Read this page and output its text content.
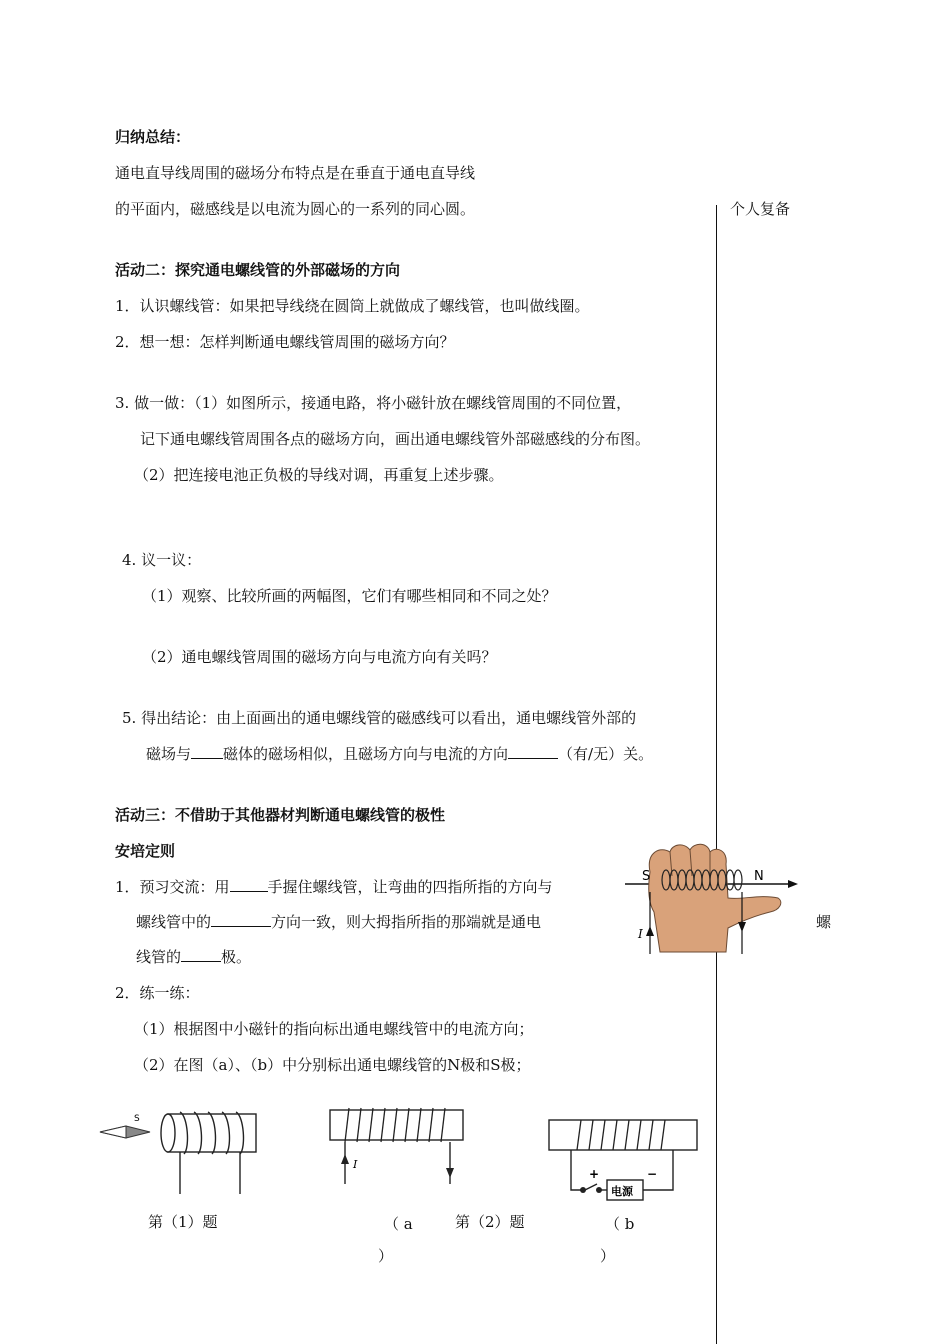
归纳总结：
通电直导线周围的磁场分布特点是在垂直于通电直导线
的平面内，磁感线是以电流为圆心的一系列的同心圆。	个人复备
螺
活动二：探究通电螺线管的外部磁场的方向
1．认识螺线管：如果把导线绕在圆筒上就做成了螺线管，也叫做线圈。
2．想一想：怎样判断通电螺线管周围的磁场方向？
3. 做一做：（1）如图所示，接通电路，将小磁针放在螺线管周围的不同位置，
记下通电螺线管周围各点的磁场方向，画出通电螺线管外部磁感线的分布图。
（2）把连接电池正负极的导线对调，再重复上述步骤。
4. 议一议：
（1）观察、比较所画的两幅图，它们有哪些相同和不同之处？
（2）通电螺线管周围的磁场方向与电流方向有关吗？
5. 得出结论：由上面画出的通电螺线管的磁感线可以看出，通电螺线管外部的
磁场与 磁体的磁场相似，且磁场方向与电流的方向	（有/无）关。
活动三：不借助于其他器材判断通电螺线管的极性
安培定则
1．预习交流：用	手握住螺线管，让弯曲的四指所指的方向与
螺线管中的	方向一致，则大拇指所指的那端就是通电
线管的	极。
2．练一练：
（1）根据图中小磁针的指向标出通电螺线管中的电流方向；
（2）在图（a）、（b）中分别标出通电螺线管的N极和S极；
S	N
I
S
I
+	−
电源
第（1）题	（ a
）
第（2）题	（ b
）
